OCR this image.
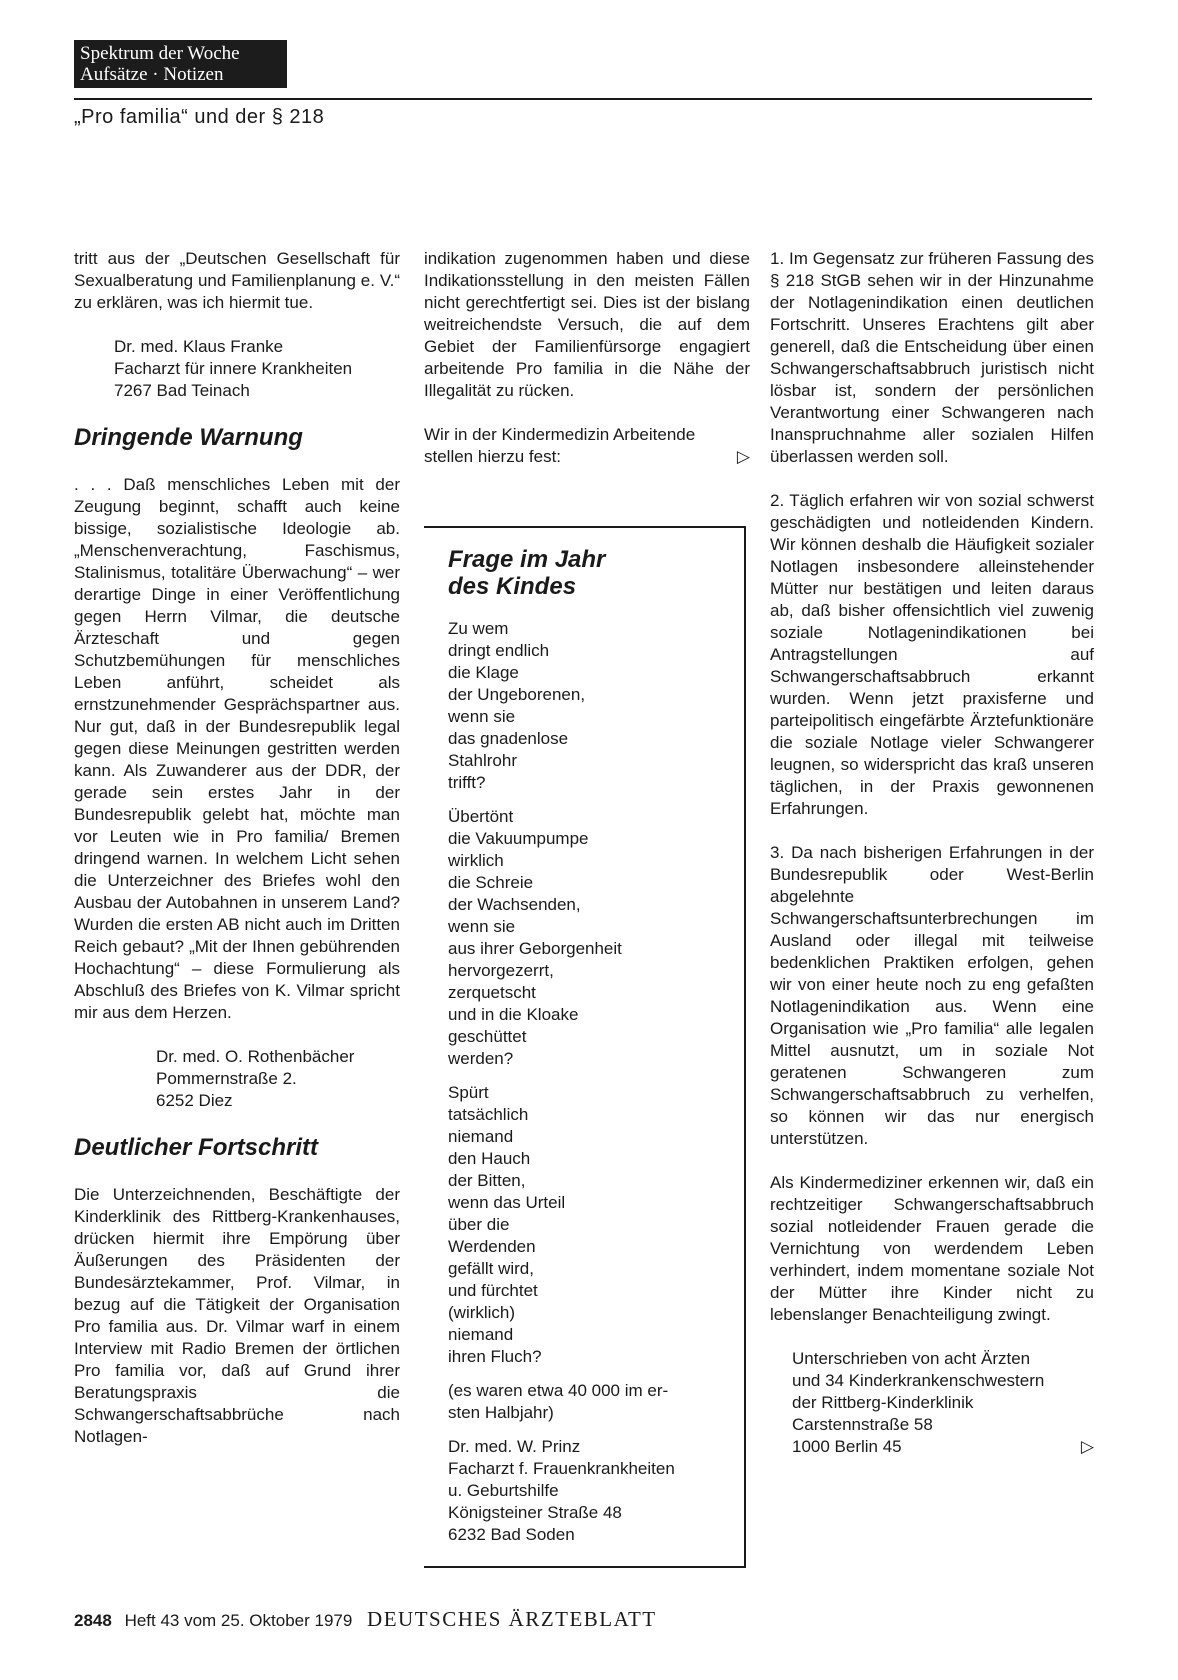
Spektrum der Woche
Aufsätze · Notizen
„Pro familia“ und der § 218

tritt aus der „Deutschen Gesellschaft für Sexualberatung und Familienplanung e. V.“ zu erklären, was ich hiermit tue.

Dr. med. Klaus Franke
Facharzt für innere Krankheiten
7267 Bad Teinach
Dringende Warnung

. . . Daß menschliches Leben mit der Zeugung beginnt, schafft auch keine bissige, sozialistische Ideologie ab. „Menschenverachtung, Faschismus, Stalinismus, totalitäre Überwachung“ – wer derartige Dinge in einer Veröffentlichung gegen Herrn Vilmar, die deutsche Ärzteschaft und gegen Schutzbemühungen für menschliches Leben anführt, scheidet als ernstzunehmender Gesprächspartner aus. Nur gut, daß in der Bundesrepublik legal gegen diese Meinungen gestritten werden kann. Als Zuwanderer aus der DDR, der gerade sein erstes Jahr in der Bundesrepublik gelebt hat, möchte man vor Leuten wie in Pro familia/ Bremen dringend warnen. In welchem Licht sehen die Unterzeichner des Briefes wohl den Ausbau der Autobahnen in unserem Land? Wurden die ersten AB nicht auch im Dritten Reich gebaut? „Mit der Ihnen gebührenden Hochachtung“ – diese Formulierung als Abschluß des Briefes von K. Vilmar spricht mir aus dem Herzen.

Dr. med. O. Rothenbächer
Pommernstraße 2.
6252 Diez
Deutlicher Fortschritt

Die Unterzeichnenden, Beschäftigte der Kinderklinik des Rittberg-Krankenhauses, drücken hiermit ihre Empörung über Äußerungen des Präsidenten der Bundesärztekammer, Prof. Vilmar, in bezug auf die Tätigkeit der Organisation Pro familia aus. Dr. Vilmar warf in einem Interview mit Radio Bremen der örtlichen Pro familia vor, daß auf Grund ihrer Beratungspraxis die Schwangerschaftsabbrüche nach Notlagen-

indikation zugenommen haben und diese Indikationsstellung in den meisten Fällen nicht gerechtfertigt sei. Dies ist der bislang weitreichendste Versuch, die auf dem Gebiet der Familienfürsorge engagiert arbeitende Pro familia in die Nähe der Illegalität zu rücken.

Wir in der Kindermedizin Arbeitende
stellen hierzu fest:	▷
Frage im Jahr
des Kindes
Zu wem
dringt endlich
die Klage
der Ungeborenen,
wenn sie
das gnadenlose
Stahlrohr
trifft?
Übertönt
die Vakuumpumpe
wirklich
die Schreie
der Wachsenden,
wenn sie
aus ihrer Geborgenheit
hervorgezerrt,
zerquetscht
und in die Kloake
geschüttet
werden?
Spürt
tatsächlich
niemand
den Hauch
der Bitten,
wenn das Urteil
über die
Werdenden
gefällt wird,
und fürchtet
(wirklich)
niemand
ihren Fluch?
(es waren etwa 40 000 im er-
sten Halbjahr)
Dr. med. W. Prinz
Facharzt f. Frauenkrankheiten
u. Geburtshilfe
Königsteiner Straße 48
6232 Bad Soden

1. Im Gegensatz zur früheren Fassung des § 218 StGB sehen wir in der Hinzunahme der Notlagenindikation einen deutlichen Fortschritt. Unseres Erachtens gilt aber generell, daß die Entscheidung über einen Schwangerschaftsabbruch juristisch nicht lösbar ist, sondern der persönlichen Verantwortung einer Schwangeren nach Inanspruchnahme aller sozialen Hilfen überlassen werden soll.

2. Täglich erfahren wir von sozial schwerst geschädigten und notleidenden Kindern. Wir können deshalb die Häufigkeit sozialer Notlagen insbesondere alleinstehender Mütter nur bestätigen und leiten daraus ab, daß bisher offensichtlich viel zuwenig soziale Notlagenindikationen bei Antragstellungen auf Schwangerschaftsabbruch erkannt wurden. Wenn jetzt praxisferne und parteipolitisch eingefärbte Ärztefunktionäre die soziale Notlage vieler Schwangerer leugnen, so widerspricht das kraß unseren täglichen, in der Praxis gewonnenen Erfahrungen.

3. Da nach bisherigen Erfahrungen in der Bundesrepublik oder West-Berlin abgelehnte Schwangerschaftsunterbrechungen im Ausland oder illegal mit teilweise bedenklichen Praktiken erfolgen, gehen wir von einer heute noch zu eng gefaßten Notlagenindikation aus. Wenn eine Organisation wie „Pro familia“ alle legalen Mittel ausnutzt, um in soziale Not geratenen Schwangeren zum Schwangerschaftsabbruch zu verhelfen, so können wir das nur energisch unterstützen.

Als Kindermediziner erkennen wir, daß ein rechtzeitiger Schwangerschaftsabbruch sozial notleidender Frauen gerade die Vernichtung von werdendem Leben verhindert, indem momentane soziale Not der Mütter ihre Kinder nicht zu lebenslanger Benachteiligung zwingt.

Unterschrieben von acht Ärzten
und 34 Kinderkrankenschwestern
der Rittberg-Kinderklinik
Carstennstraße 58
1000 Berlin 45	▷
2848 Heft 43 vom 25. Oktober 1979 DEUTSCHES ÄRZTEBLATT
